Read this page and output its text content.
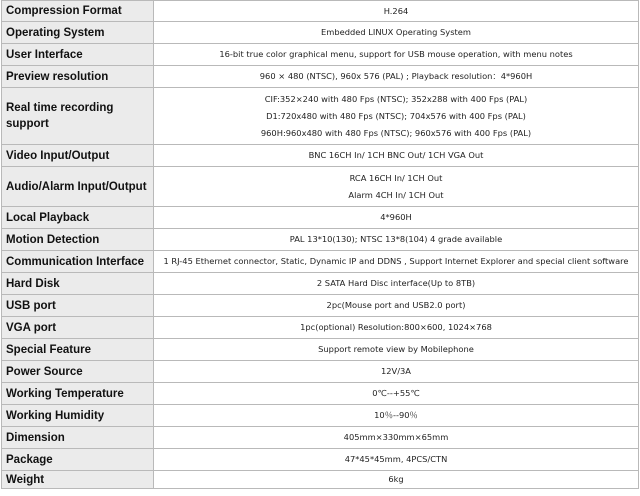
Compression Format	H.264

Operating System	Embedded LINUX Operating System

User Interface	16-bit true color graphical menu, support for USB mouse operation, with menu notes

Preview resolution	960 × 480 (NTSC), 960x 576 (PAL) ; Playback resolution：4*960H

Real time recording support	CIF:352×240 with 480 Fps (NTSC); 352x288 with 400 Fps (PAL)
D1:720x480 with 480 Fps (NTSC); 704x576 with 400 Fps (PAL)
960H:960x480 with 480 Fps (NTSC); 960x576 with 400 Fps (PAL)

Video Input/Output	BNC 16CH In/ 1CH BNC Out/ 1CH VGA Out

Audio/Alarm Input/Output	RCA 16CH In/ 1CH Out
Alarm 4CH In/ 1CH Out

Local Playback	4*960H

Motion Detection	PAL 13*10(130); NTSC 13*8(104) 4 grade available

Communication Interface	1 RJ-45 Ethernet connector, Static, Dynamic IP and DDNS , Support Internet Explorer and special client software

Hard Disk	2 SATA Hard Disc interface(Up to 8TB)

USB port	2pc(Mouse port and USB2.0 port)

VGA port	1pc(optional) Resolution:800×600, 1024×768

Special Feature	Support remote view by Mobilephone

Power Source	12V/3A

Working Temperature	0℃--+55℃

Working Humidity	10％--90％

Dimension	405mm×330mm×65mm

Package	47*45*45mm, 4PCS/CTN

Weight	6kg
